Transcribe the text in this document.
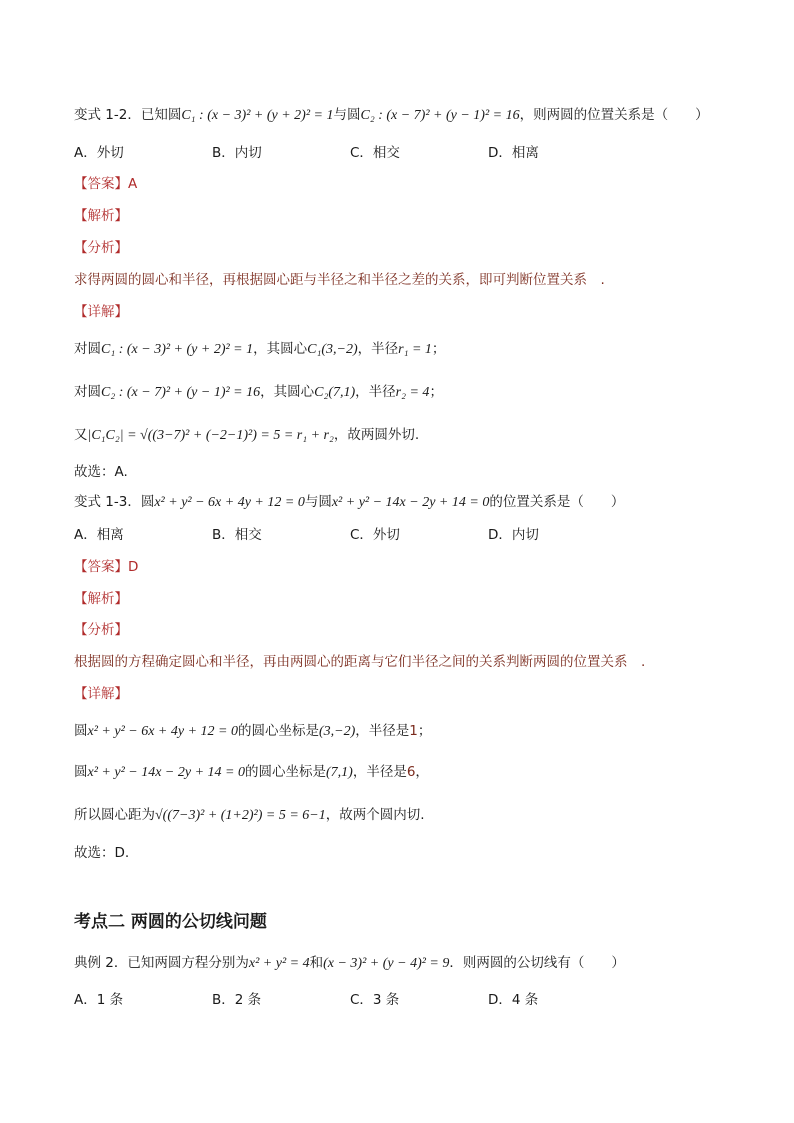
变式 1-2．已知圆C₁ : (x − 3)² + (y + 2)² = 1与圆C₂ : (x − 7)² + (y − 1)² = 16，则两圆的位置关系是（　　）
A．外切	B．内切	C．相交	D．相离
【答案】A
【解析】
【分析】
求得两圆的圆心和半径，再根据圆心距与半径之和半径之差的关系，即可判断位置关系　.
【详解】
对圆C₁ : (x − 3)² + (y + 2)² = 1，其圆心C₁(3,−2)，半径r₁ = 1；
对圆C₂ : (x − 7)² + (y − 1)² = 16，其圆心C₂(7,1)，半径r₂ = 4；
又|C₁C₂| = √((3−7)² + (−2−1)²) = 5 = r₁ + r₂，故两圆外切.
故选：A.
变式 1-3．圆x² + y² − 6x + 4y + 12 = 0与圆x² + y² − 14x − 2y + 14 = 0的位置关系是（　　）
A．相离	B．相交	C．外切	D．内切
【答案】D
【解析】
【分析】
根据圆的方程确定圆心和半径，再由两圆心的距离与它们半径之间的关系判断两圆的位置关系　.
【详解】
圆x² + y² − 6x + 4y + 12 = 0的圆心坐标是(3,−2)，半径是1；
圆x² + y² − 14x − 2y + 14 = 0的圆心坐标是(7,1)，半径是6，
所以圆心距为√((7−3)² + (1+2)²) = 5 = 6−1，故两个圆内切.
故选：D.
考点二 两圆的公切线问题
典例 2．已知两圆方程分别为x² + y² = 4和(x − 3)² + (y − 4)² = 9．则两圆的公切线有（　　）
A．1 条	B．2 条	C．3 条	D．4 条
